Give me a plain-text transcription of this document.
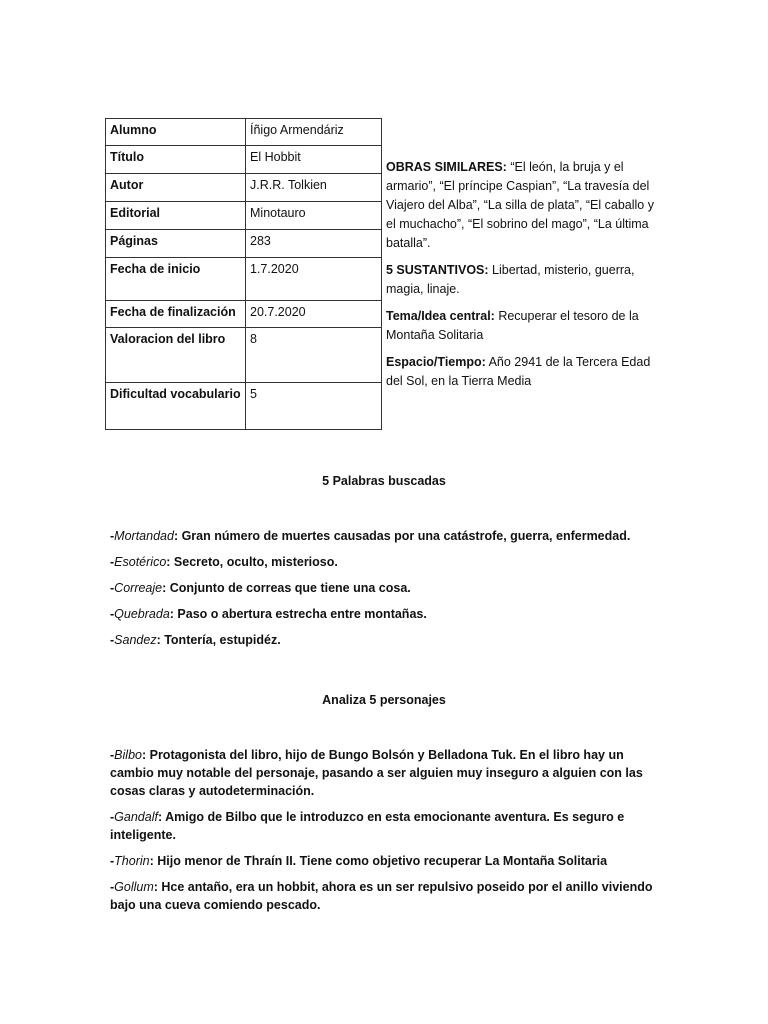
Alumno	Íñigo Armendáriz
Título	El Hobbit
Autor	J.R.R. Tolkien
Editorial	Minotauro
Páginas	283
Fecha de inicio	1.7.2020
Fecha de finalización	20.7.2020
Valoracion del libro	8
Dificultad vocabulario	5

OBRAS SIMILARES: “El león, la bruja y el armario”, “El príncipe Caspian”, “La travesía del Viajero del Alba”, “La silla de plata”, “El caballo y el muchacho”, “El sobrino del mago”, “La última batalla”.

5 SUSTANTIVOS: Libertad, misterio, guerra, magia, linaje.

Tema/Idea central: Recuperar el tesoro de la Montaña Solitaria

Espacio/Tiempo: Año 2941 de la Tercera Edad del Sol, en la Tierra Media

5 Palabras buscadas

-Mortandad: Gran número de muertes causadas por una catástrofe, guerra, enfermedad.

-Esotérico: Secreto, oculto, misterioso.

-Correaje: Conjunto de correas que tiene una cosa.

-Quebrada: Paso o abertura estrecha entre montañas.

-Sandez: Tontería, estupidéz.

Analiza 5 personajes

-Bilbo: Protagonista del libro, hijo de Bungo Bolsón y Belladona Tuk. En el libro hay un cambio muy notable del personaje, pasando a ser alguien muy inseguro a alguien con las cosas claras y autodeterminación.

-Gandalf: Amigo de Bilbo que le introduzco en esta emocionante aventura. Es seguro e inteligente.

-Thorin: Hijo menor de Thraín II. Tiene como objetivo recuperar La Montaña Solitaria

-Gollum: Hce antaño, era un hobbit, ahora es un ser repulsivo poseido por el anillo viviendo bajo una cueva comiendo pescado.
